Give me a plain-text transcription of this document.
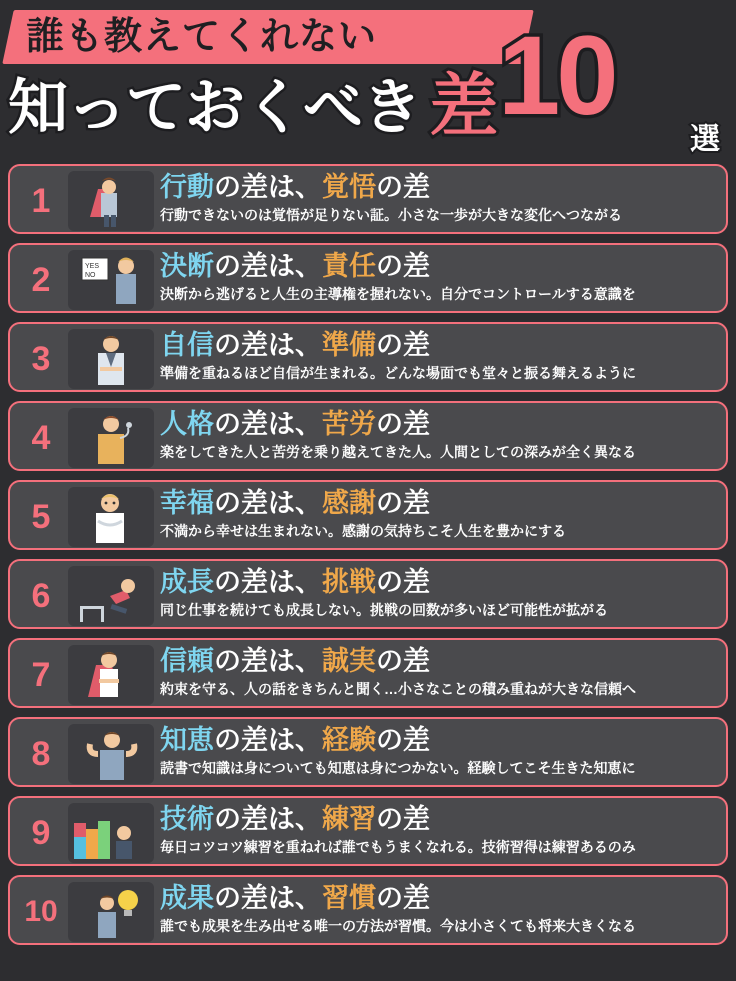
誰も教えてくれない
知っておくべき 差 10
選
1	行動の差は、覚悟の差
行動できないのは覚悟が足りない証。小さな一歩が大きな変化へつながる
2	YES
NO 決断の差は、責任の差
決断から逃げると人生の主導権を握れない。自分でコントロールする意識を
3	自信の差は、準備の差
準備を重ねるほど自信が生まれる。どんな場面でも堂々と振る舞えるように
4	人格の差は、苦労の差
楽をしてきた人と苦労を乗り越えてきた人。人間としての深みが全く異なる
5	幸福の差は、感謝の差
不満から幸せは生まれない。感謝の気持ちこそ人生を豊かにする
6	成長の差は、挑戦の差
同じ仕事を続けても成長しない。挑戦の回数が多いほど可能性が拡がる
7	信頼の差は、誠実の差
約束を守る、人の話をきちんと聞く…小さなことの積み重ねが大きな信頼へ
8	知恵の差は、経験の差
読書で知識は身についても知恵は身につかない。経験してこそ生きた知恵に
9	技術の差は、練習の差
毎日コツコツ練習を重ねれば誰でもうまくなれる。技術習得は練習あるのみ
10	成果の差は、習慣の差
誰でも成果を生み出せる唯一の方法が習慣。今は小さくても将来大きくなる
